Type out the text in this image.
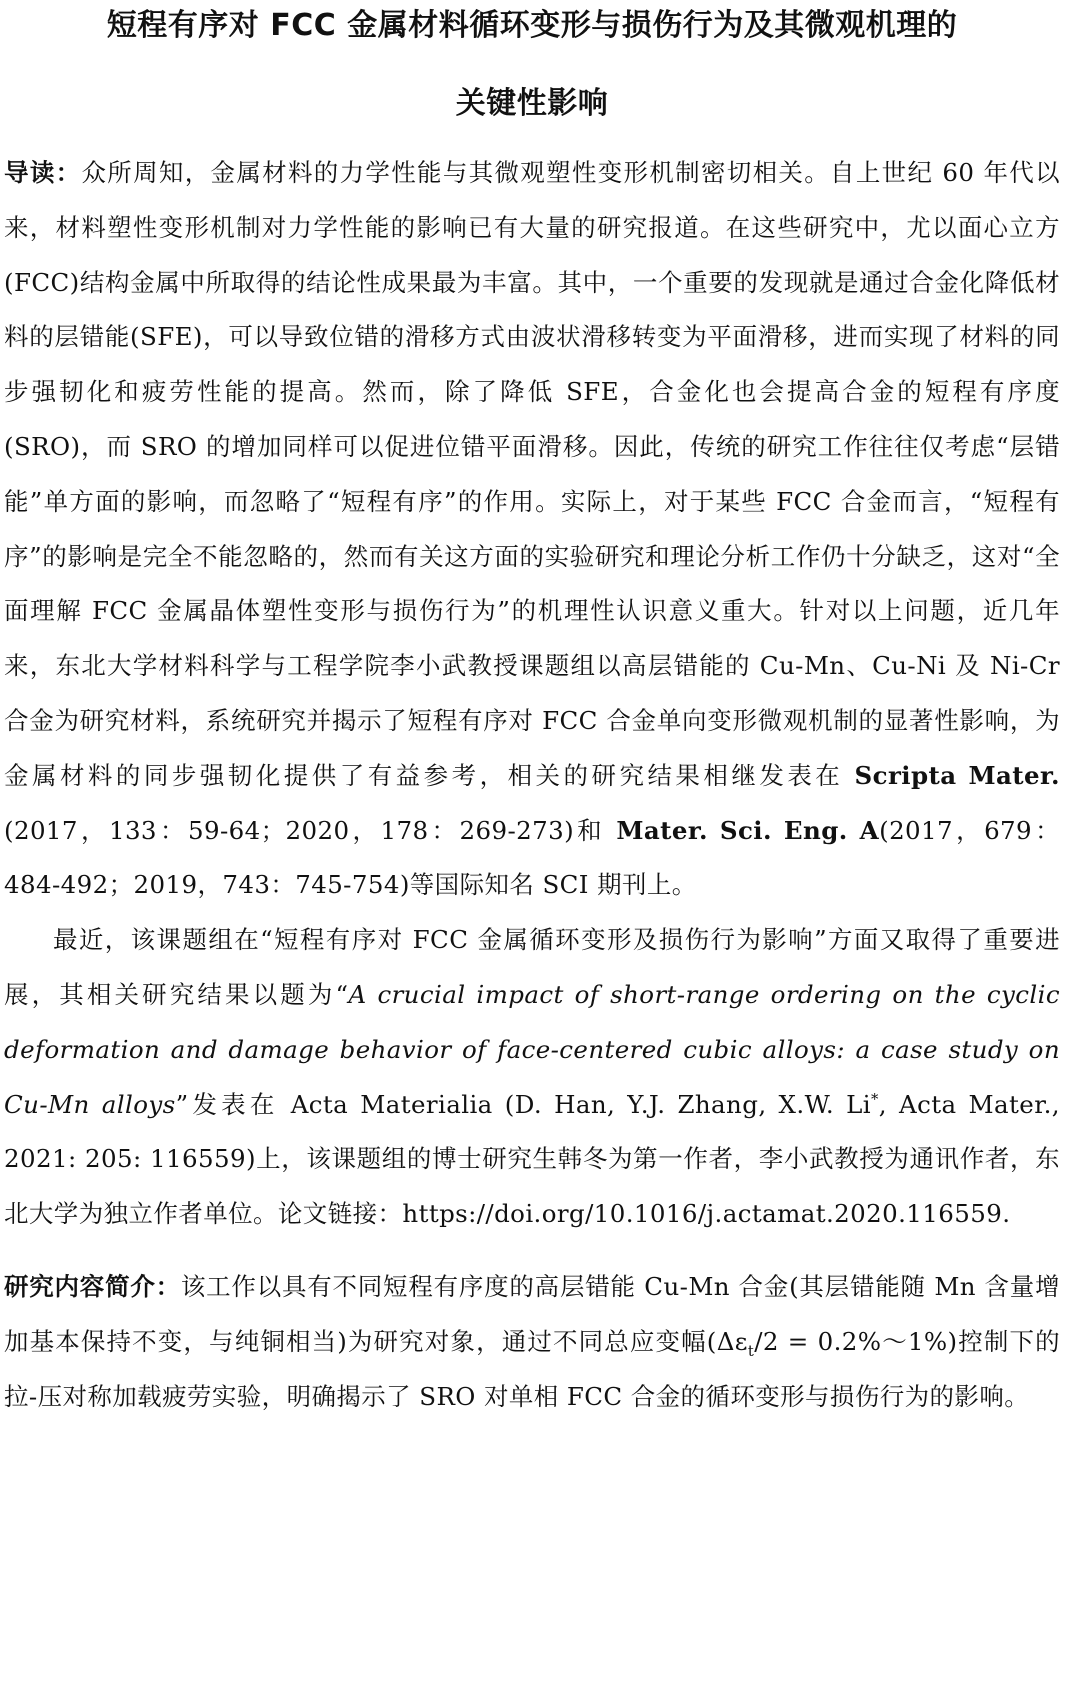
短程有序对 FCC 金属材料循环变形与损伤行为及其微观机理的
关键性影响

导读：众所周知，金属材料的力学性能与其微观塑性变形机制密切相关。自上世纪 60 年代以来，材料塑性变形机制对力学性能的影响已有大量的研究报道。在这些研究中，尤以面心立方(FCC)结构金属中所取得的结论性成果最为丰富。其中，一个重要的发现就是通过合金化降低材料的层错能(SFE)，可以导致位错的滑移方式由波状滑移转变为平面滑移，进而实现了材料的同步强韧化和疲劳性能的提高。然而，除了降低 SFE，合金化也会提高合金的短程有序度(SRO)，而 SRO 的增加同样可以促进位错平面滑移。因此，传统的研究工作往往仅考虑“层错能”单方面的影响，而忽略了“短程有序”的作用。实际上，对于某些 FCC 合金而言，“短程有序”的影响是完全不能忽略的，然而有关这方面的实验研究和理论分析工作仍十分缺乏，这对“全面理解 FCC 金属晶体塑性变形与损伤行为”的机理性认识意义重大。针对以上问题，近几年来，东北大学材料科学与工程学院李小武教授课题组以高层错能的 Cu-Mn、Cu-Ni 及 Ni-Cr 合金为研究材料，系统研究并揭示了短程有序对 FCC 合金单向变形微观机制的显著性影响，为金属材料的同步强韧化提供了有益参考，相关的研究结果相继发表在 Scripta Mater.(2017，133：59-64；2020，178：269-273)和 Mater. Sci. Eng. A(2017，679：484-492；2019，743：745-754)等国际知名 SCI 期刊上。

最近，该课题组在“短程有序对 FCC 金属循环变形及损伤行为影响”方面又取得了重要进展，其相关研究结果以题为“A crucial impact of short-range ordering on the cyclic deformation and damage behavior of face-centered cubic alloys: a case study on Cu-Mn alloys”发表在 Acta Materialia (D. Han, Y.J. Zhang, X.W. Li*, Acta Mater., 2021: 205: 116559)上，该课题组的博士研究生韩冬为第一作者，李小武教授为通讯作者，东北大学为独立作者单位。论文链接：https://doi.org/10.1016/j.actamat.2020.116559.

研究内容简介：该工作以具有不同短程有序度的高层错能 Cu-Mn 合金(其层错能随 Mn 含量增加基本保持不变，与纯铜相当)为研究对象，通过不同总应变幅($\Delta\varepsilon_t/2$ = 0.2%～1%)控制下的拉-压对称加载疲劳实验，明确揭示了 SRO 对单相 FCC 合金的循环变形与损伤行为的影响。
